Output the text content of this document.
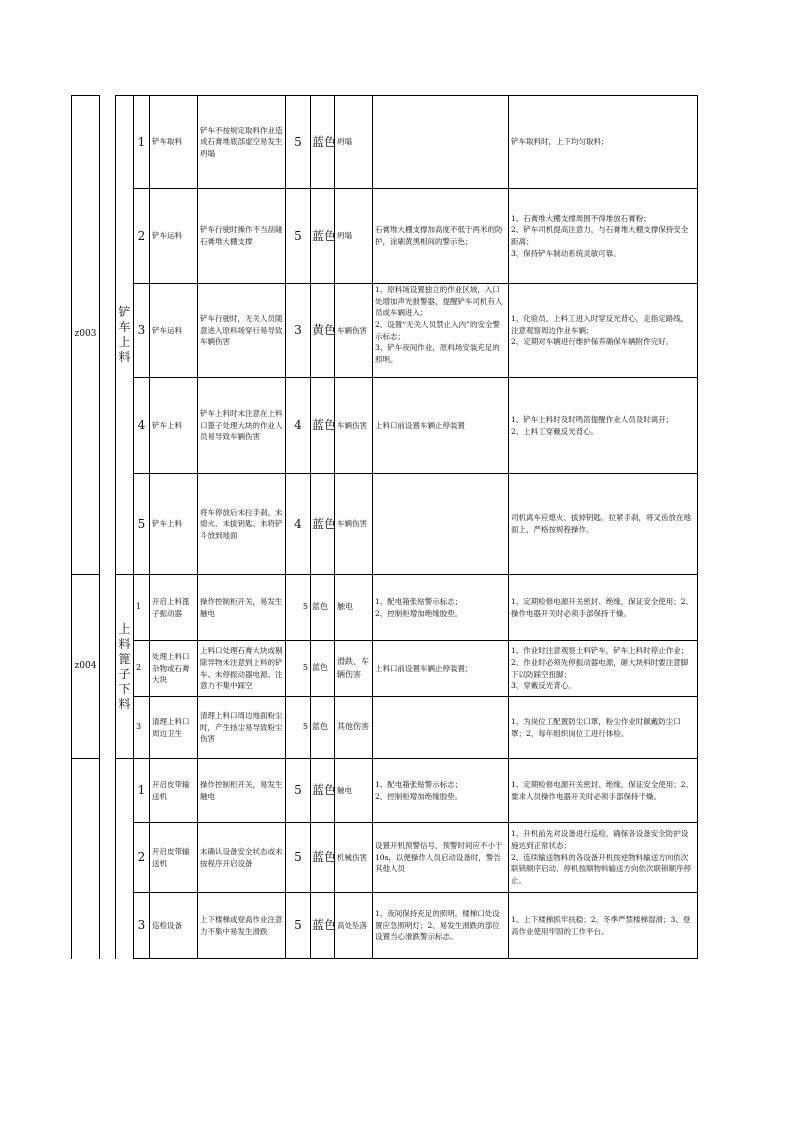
z003		铲车上料	1	铲车取料	铲车不按规定取料作业造成石膏堆底部虚空易发生坍塌	5	蓝色	坍塌		铲车取料时，上下均匀取料；
			2	铲车运料	铲车行驶时操作不当刮碰石膏堆大棚支撑	5	蓝色	坍塌	石膏堆大棚支撑加高度不低于两米的防护，涂刷黄黑相间的警示色；	1、石膏堆大棚支撑周围不得堆放石膏粉；
2、铲车司机提高注意力，与石膏堆大棚支撑保持安全距离；
3、保持铲车制动系统灵敏可靠。
			3	铲车运料	铲车行驶时，无关人员随意进入原料场穿行易导致车辆伤害	3	黄色	车辆伤害	1、原料场设置独立的作业区域，入口处增加声光报警器，提醒铲车司机有人员或车辆进入；
2、设置“无关人员禁止入内”的安全警示标志；
3、铲车夜间作业，原料场安装充足的照明。	1、化验员、上料工进入时穿反光背心，走指定路线，注意观察周边作业车辆；
2、定期对车辆进行维护保养确保车辆附件完好。
			4	铲车上料	铲车上料时未注意在上料口篦子处理大块的作业人员易导致车辆伤害	4	蓝色	车辆伤害	上料口前设置车辆止停装置	1、铲车上料时及时鸣笛提醒作业人员及时离开；
2、上料工穿戴反光背心。
			5	铲车上料	将车停放后未拉手刹、未熄火、未拔钥匙、未将铲斗放到地面	4	蓝色	车辆伤害		司机离车应熄火、拔掉钥匙、拉紧手刹，将叉齿放在地面上，严格按规程操作。
z004		上料篦子下料	1	开启上料篦子振动器	操作控制柜开关，易发生触电	5	蓝色	触电	1、配电箱张贴警示标志；
2、控制柜增加绝缘胶垫。	1、定期检修电源开关密封、绝缘，保证安全使用；2、操作电器开关时必须手部保持干燥。
			2	处理上料口杂物或石膏大块	上料口处理石膏大块或剔除异物未注意到上料的铲车、未停振动器电源、注意力不集中踩空	5	蓝色	滑跌、车辆伤害	上料口前设置车辆止停装置；	1、作业时注意观察上料铲车，铲车上料时停止作业；
2、作业时必须先停振动器电源，砸大块料时要注意脚下以防踩空扭脚；
3、穿戴反光背心。
			3	清理上料口周边卫生	清理上料口周边地面粉尘时，产生扬尘易导致粉尘伤害	5	蓝色	其他伤害		1、为岗位工配置防尘口罩，粉尘作业时佩戴防尘口罩；2、每年组织岗位工进行体检。
			1	开启皮带输送机	操作控制柜开关，易发生触电	5	蓝色	触电	1、配电箱张贴警示标志；
2、控制柜增加绝缘胶垫。	1、定期检修电源开关密封、绝缘，保证安全使用；2、要求人员操作电器开关时必须手部保持干燥。
			2	开启皮带输送机	未确认设备安全状态或未按程序开启设备	5	蓝色	机械伤害	设置开机预警信号，预警时间应不小于10s，以便操作人员启动设备时，警告其他人员	1、开机前先对设备进行巡检，确保各设备安全防护设施达到正常状态；
2、连续输送物料的各设备开机按逆物料输送方向依次联锁顺序启动、停机按顺物料输送方向依次联锁顺序停止。
			3	巡检设备	上下楼梯或登高作业注意力不集中易发生滑跌	5	蓝色	高处坠落	1、夜间保持充足的照明，楼梯口处设置应急照明灯；2、易发生滑跌的部位设置当心滑跌警示标志。	1、上下楼梯抓牢扶稳；2、冬季严禁楼梯湿滑；3、登高作业使用牢固的工作平台。
